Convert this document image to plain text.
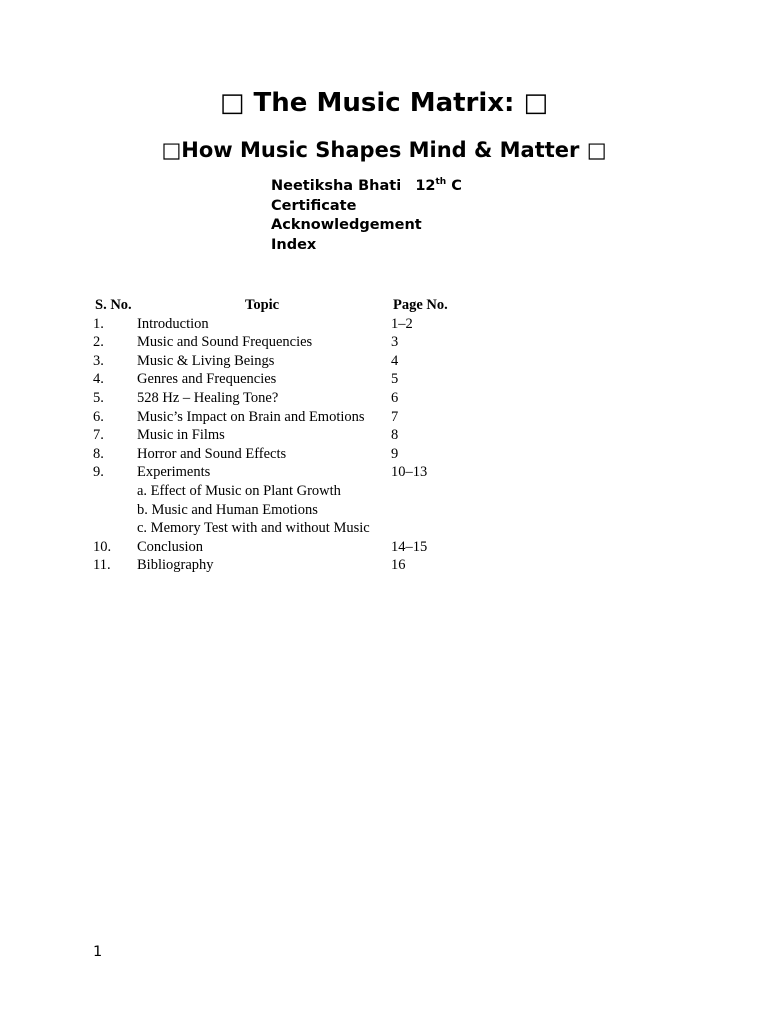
□ The Music Matrix: □
□How Music Shapes Mind & Matter □
Neetiksha Bhati 12th C
Certificate
Acknowledgement
Index
S. No.	Topic	Page No.
1. Introduction	1–2
2. Music and Sound Frequencies	3
3. Music & Living Beings	4
4. Genres and Frequencies	5
5. 528 Hz – Healing Tone?	6
6. Music’s Impact on Brain and Emotions 7
7. Music in Films	8
8. Horror and Sound Effects	9
9. Experiments	10–13
a. Effect of Music on Plant Growth
b. Music and Human Emotions
c. Memory Test with and without Music
10. Conclusion	14–15
11. Bibliography	16
1
